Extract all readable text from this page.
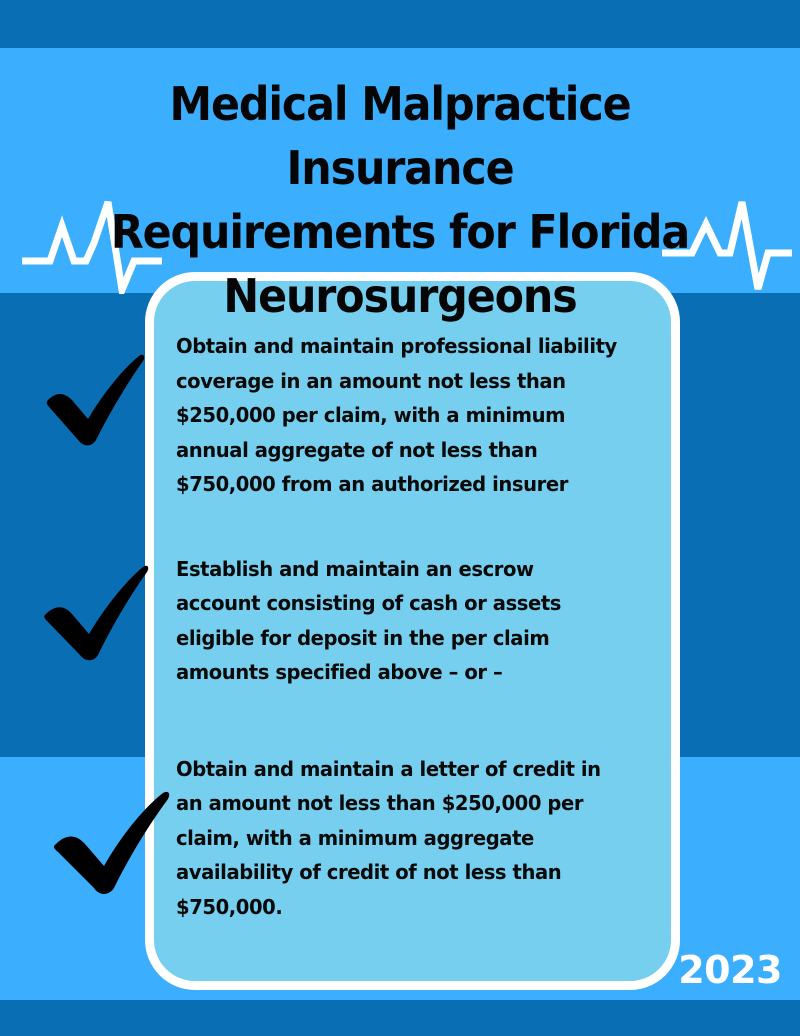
Medical Malpractice Insurance
Requirements for Florida
Neurosurgeons

Obtain and maintain professional liability coverage in an amount not less than $250,000 per claim, with a minimum annual aggregate of not less than $750,000 from an authorized insurer

Establish and maintain an escrow account consisting of cash or assets eligible for deposit in the per claim amounts specified above – or –

Obtain and maintain a letter of credit in an amount not less than $250,000 per claim, with a minimum aggregate availability of credit of not less than $750,000.

2023
